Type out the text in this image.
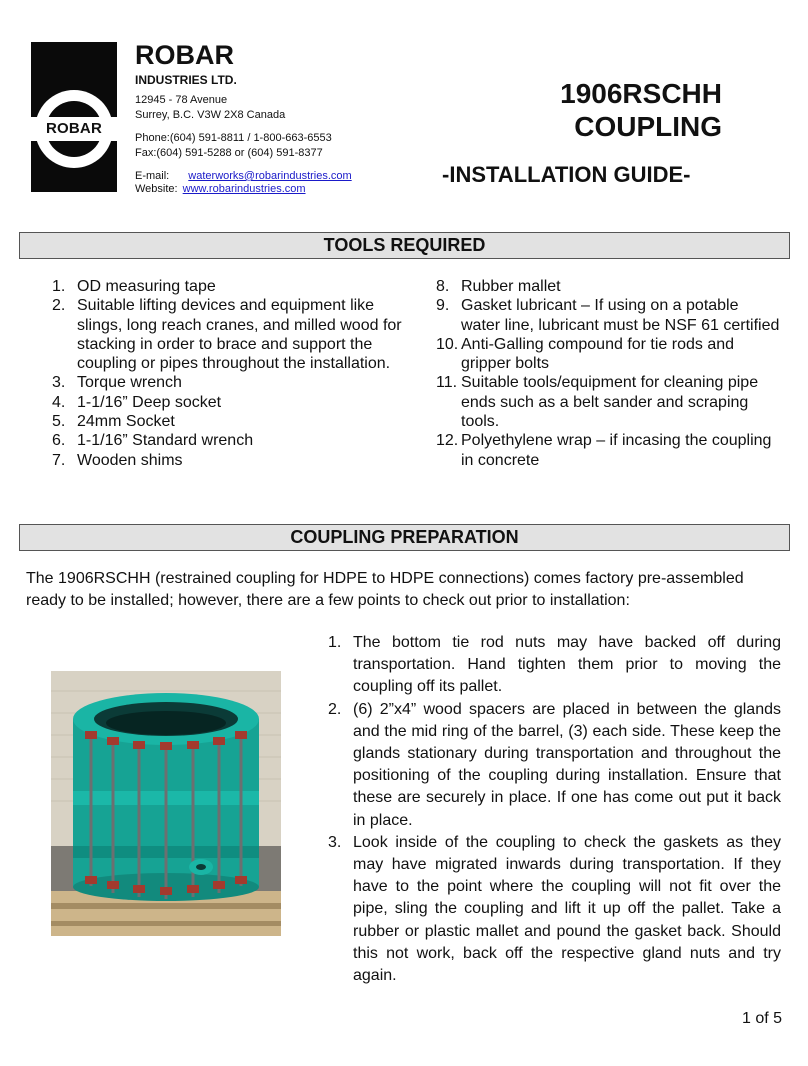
ROBAR
ROBAR
INDUSTRIES LTD.
12945 - 78 Avenue
Surrey, B.C. V3W 2X8 Canada
Phone:(604) 591-8811 / 1-800-663-6553
Fax:(604) 591-5288 or (604) 591-8377
E-mail: waterworks@robarindustries.com
Website: www.robarindustries.com
1906RSCHH
COUPLING
-INSTALLATION GUIDE-
TOOLS REQUIRED
1. OD measuring tape
2. Suitable lifting devices and equipment like slings, long reach cranes, and milled wood for stacking in order to brace and support the coupling or pipes throughout the installation.
3. Torque wrench
4. 1-1/16” Deep socket
5. 24mm Socket
6. 1-1/16” Standard wrench
7. Wooden shims
8. Rubber mallet
9. Gasket lubricant – If using on a potable water line, lubricant must be NSF 61 certified
10. Anti-Galling compound for tie rods and gripper bolts
11. Suitable tools/equipment for cleaning pipe ends such as a belt sander and scraping tools.
12. Polyethylene wrap – if incasing the coupling in concrete
COUPLING PREPARATION
The 1906RSCHH (restrained coupling for HDPE to HDPE connections) comes factory pre-assembled ready to be installed; however, there are a few points to check out prior to installation:
1. The bottom tie rod nuts may have backed off during transportation. Hand tighten them prior to moving the coupling off its pallet.
2. (6) 2”x4” wood spacers are placed in between the glands and the mid ring of the barrel, (3) each side. These keep the glands stationary during transportation and throughout the positioning of the coupling during installation. Ensure that these are securely in place. If one has come out put it back in place.
3. Look inside of the coupling to check the gaskets as they may have migrated inwards during transportation. If they have to the point where the coupling will not fit over the pipe, sling the coupling and lift it up off the pallet. Take a rubber or plastic mallet and pound the gasket back. Should this not work, back off the respective gland nuts and try again.
1 of 5
